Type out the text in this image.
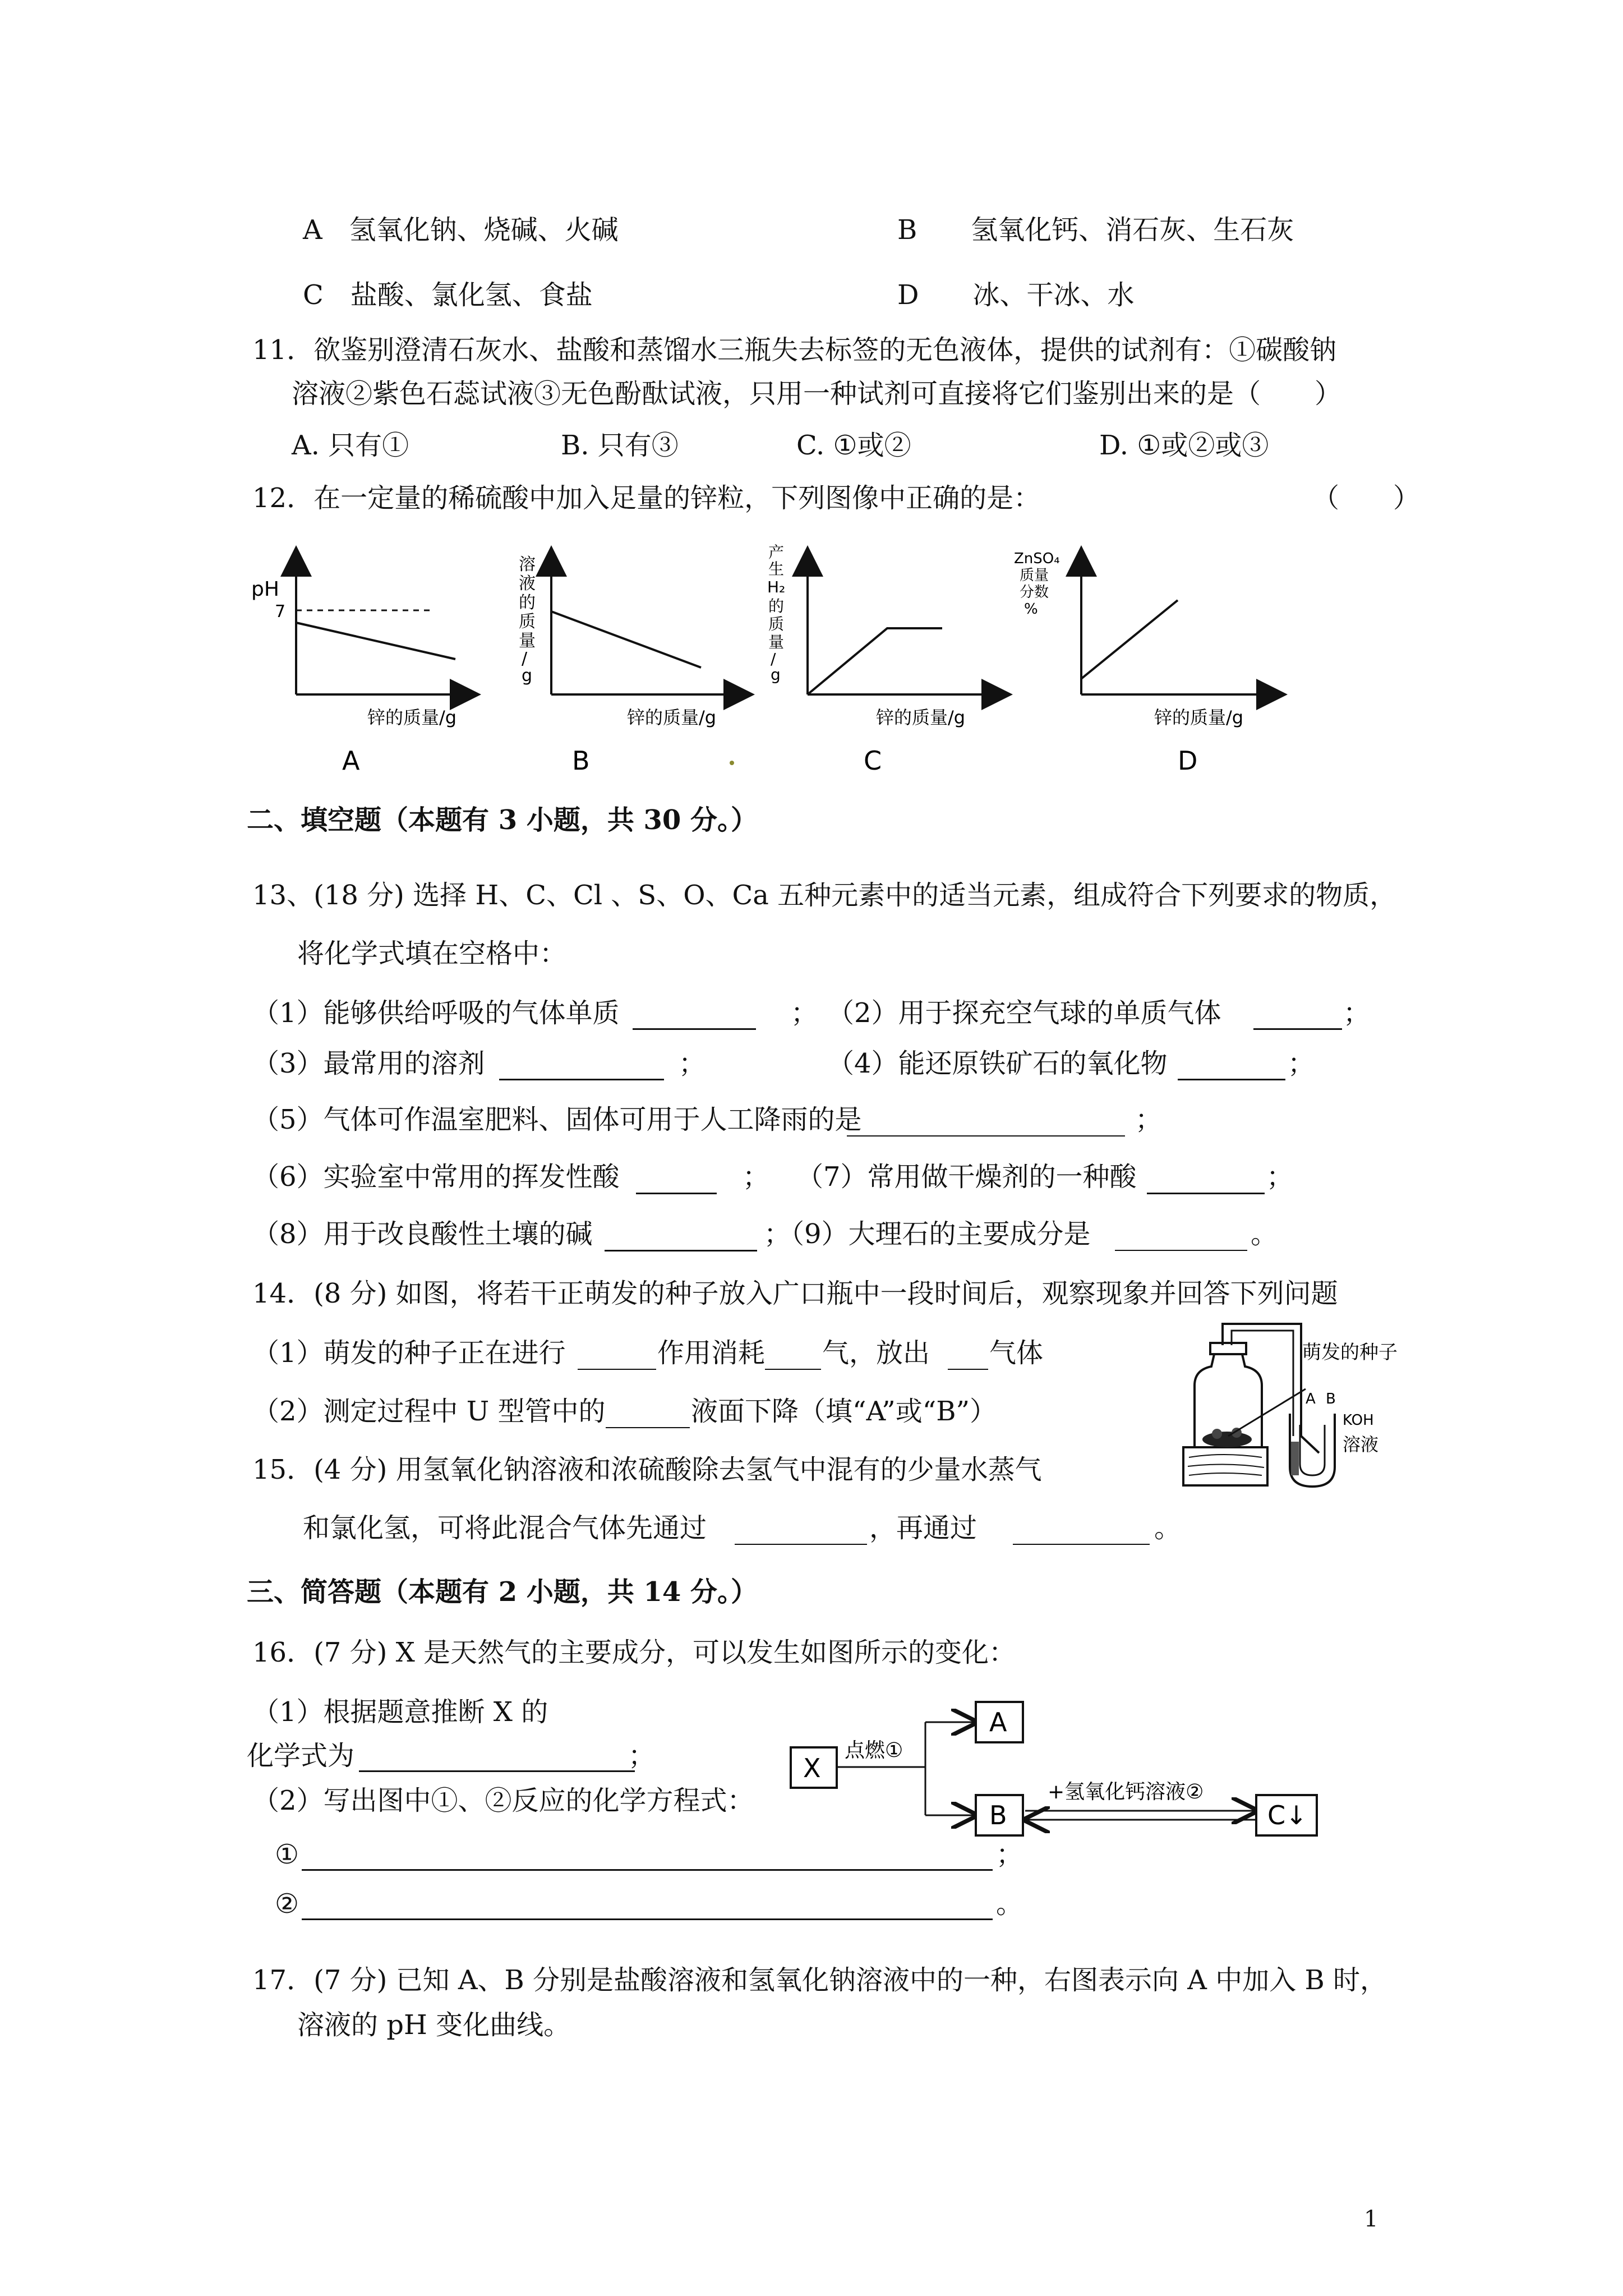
A　氢氧化钠、烧碱、火碱	B　　氢氧化钙、消石灰、生石灰
C　盐酸、氯化氢、食盐	D　　冰、干冰、水
11．欲鉴别澄清石灰水、盐酸和蒸馏水三瓶失去标签的无色液体，提供的试剂有：①碳酸钠
溶液②紫色石蕊试液③无色酚酞试液，只用一种试剂可直接将它们鉴别出来的是（　　）
A. 只有①	B. 只有③	C. ①或②	D. ①或②或③
12．在一定量的稀硫酸中加入足量的锌粒，下列图像中正确的是：	（　　）
pH
7
锌的质量/g
溶 液 的 质 量 / g
锌的质量/g
产 生 H₂ 的 质 量 / g
锌的质量/g
ZnSO₄ 质量 分数 %
锌的质量/g
A	B	C	D
二、填空题（本题有 3 小题，共 30 分。）
13、(18 分) 选择 H、C、Cl 、S、O、Ca 五种元素中的适当元素，组成符合下列要求的物质，
将化学式填在空格中：
（1）能够供给呼吸的气体单质	； （2）用于探充空气球的单质气体	；
（3）最常用的溶剂	；	（4）能还原铁矿石的氧化物	；
（5）气体可作温室肥料、固体可用于人工降雨的是	；
（6）实验室中常用的挥发性酸	； （7）常用做干燥剂的一种酸	；
（8）用于改良酸性土壤的碱	；（9）大理石的主要成分是	。
14．(8 分) 如图，将若干正萌发的种子放入广口瓶中一段时间后，观察现象并回答下列问题
（1）萌发的种子正在进行	作用消耗 气，放出 气体
（2）测定过程中 U 型管中的	液面下降（填“A”或“B”）
萌发的种子
A B
KOH
溶液
15．(4 分) 用氢氧化钠溶液和浓硫酸除去氢气中混有的少量水蒸气
和氯化氢，可将此混合气体先通过	，再通过	。
三、简答题（本题有 2 小题，共 14 分。）
16．(7 分) X 是天然气的主要成分，可以发生如图所示的变化：
（1）根据题意推断 X 的
化学式为	；
（2）写出图中①、②反应的化学方程式：
①	；
②	。
X
点燃①
A
B
+氢氧化钙溶液②
C↓
17．(7 分) 已知 A、B 分别是盐酸溶液和氢氧化钠溶液中的一种，右图表示向 A 中加入 B 时，
溶液的 pH 变化曲线。
1
